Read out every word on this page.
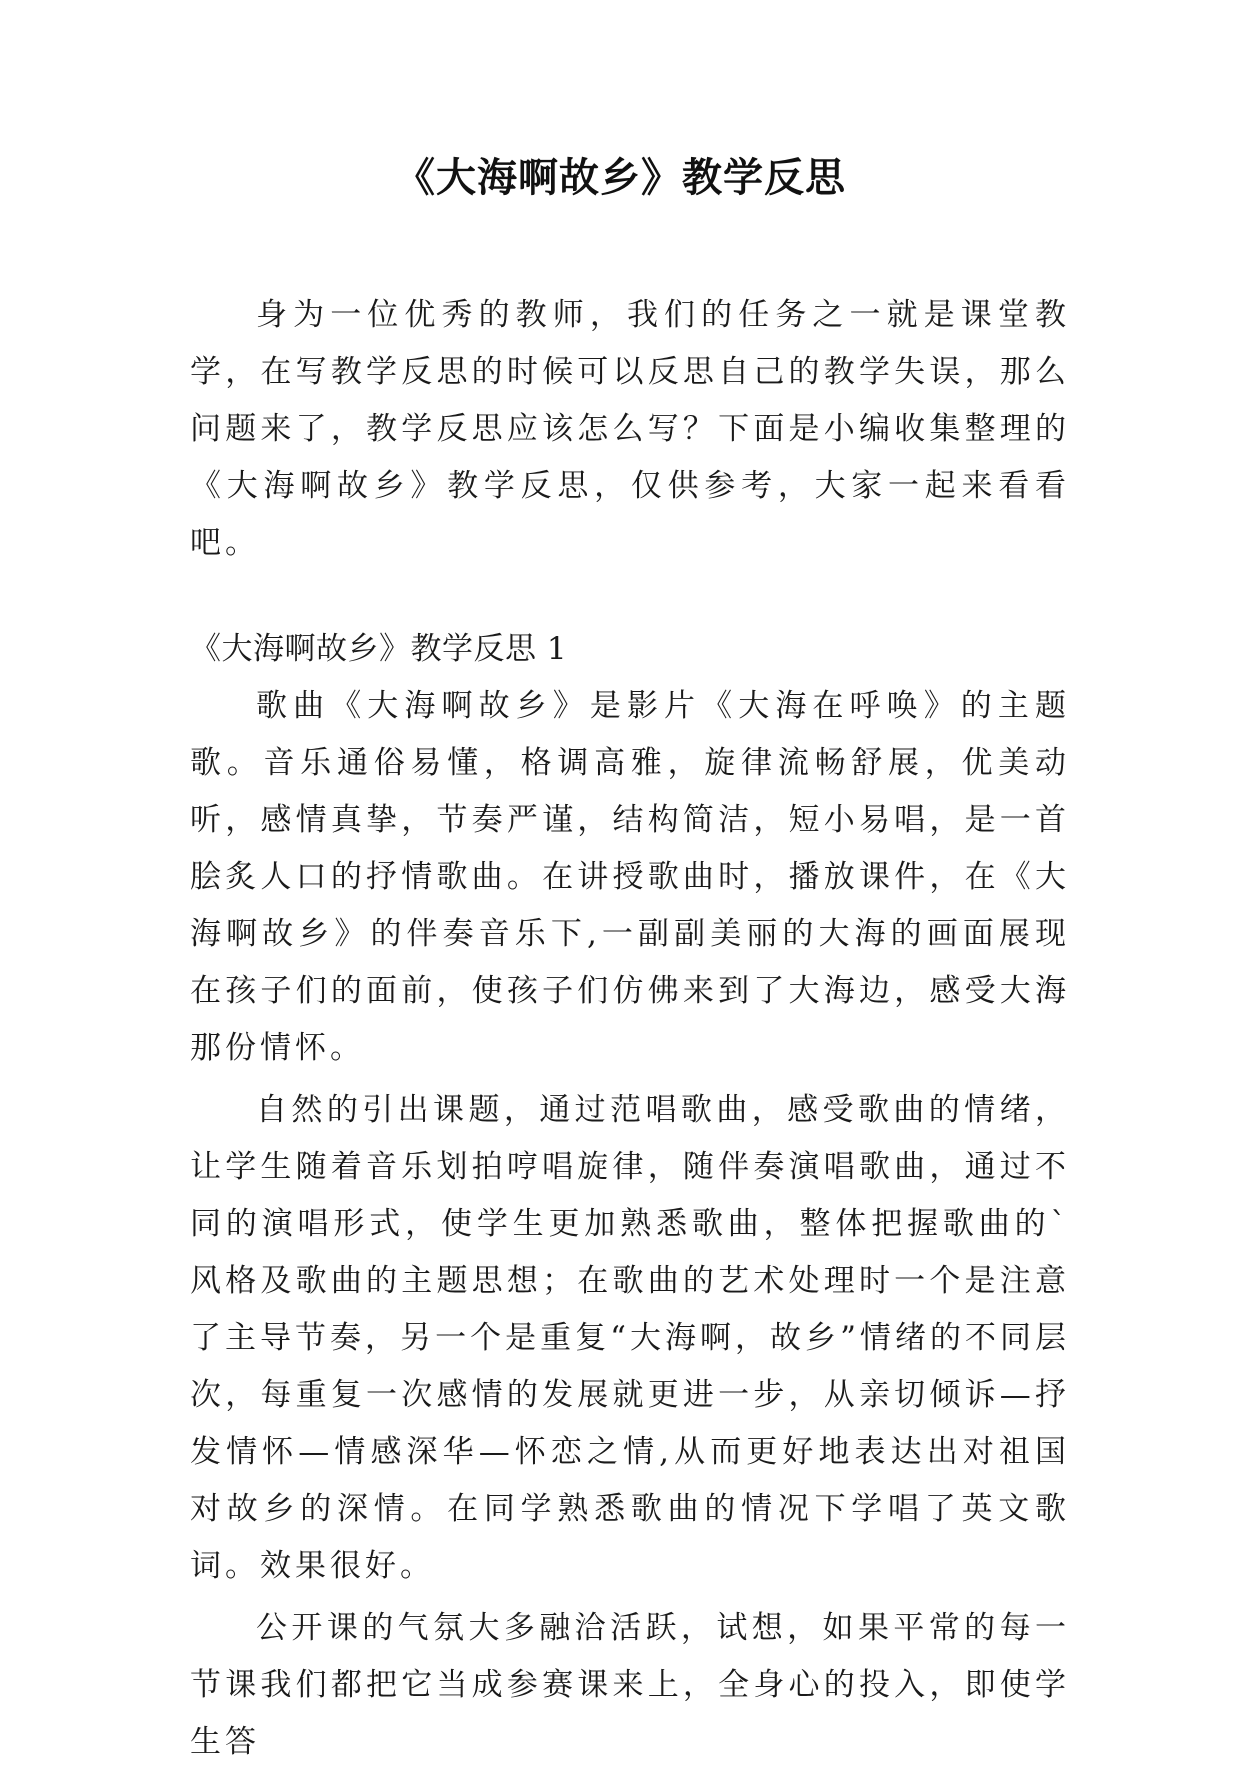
《大海啊故乡》教学反思

身为一位优秀的教师，我们的任务之一就是课堂教学，在写教学反思的时候可以反思自己的教学失误，那么问题来了，教学反思应该怎么写？下面是小编收集整理的《大海啊故乡》教学反思，仅供参考，大家一起来看看吧。

《大海啊故乡》教学反思 1

歌曲《大海啊故乡》是影片《大海在呼唤》的主题歌。音乐通俗易懂，格调高雅，旋律流畅舒展，优美动听，感情真挚，节奏严谨，结构简洁，短小易唱，是一首脍炙人口的抒情歌曲。在讲授歌曲时，播放课件，在《大海啊故乡》的伴奏音乐下,一副副美丽的大海的画面展现在孩子们的面前，使孩子们仿佛来到了大海边，感受大海那份情怀。

自然的引出课题，通过范唱歌曲，感受歌曲的情绪，让学生随着音乐划拍哼唱旋律，随伴奏演唱歌曲，通过不同的演唱形式，使学生更加熟悉歌曲，整体把握歌曲的`风格及歌曲的主题思想；在歌曲的艺术处理时一个是注意了主导节奏，另一个是重复“大海啊，故乡”情绪的不同层次，每重复一次感情的发展就更进一步，从亲切倾诉—抒发情怀—情感深华—怀恋之情,从而更好地表达出对祖国对故乡的深情。在同学熟悉歌曲的情况下学唱了英文歌词。效果很好。

公开课的气氛大多融洽活跃，试想，如果平常的每一节课我们都把它当成参赛课来上，全身心的投入，即使学生答
